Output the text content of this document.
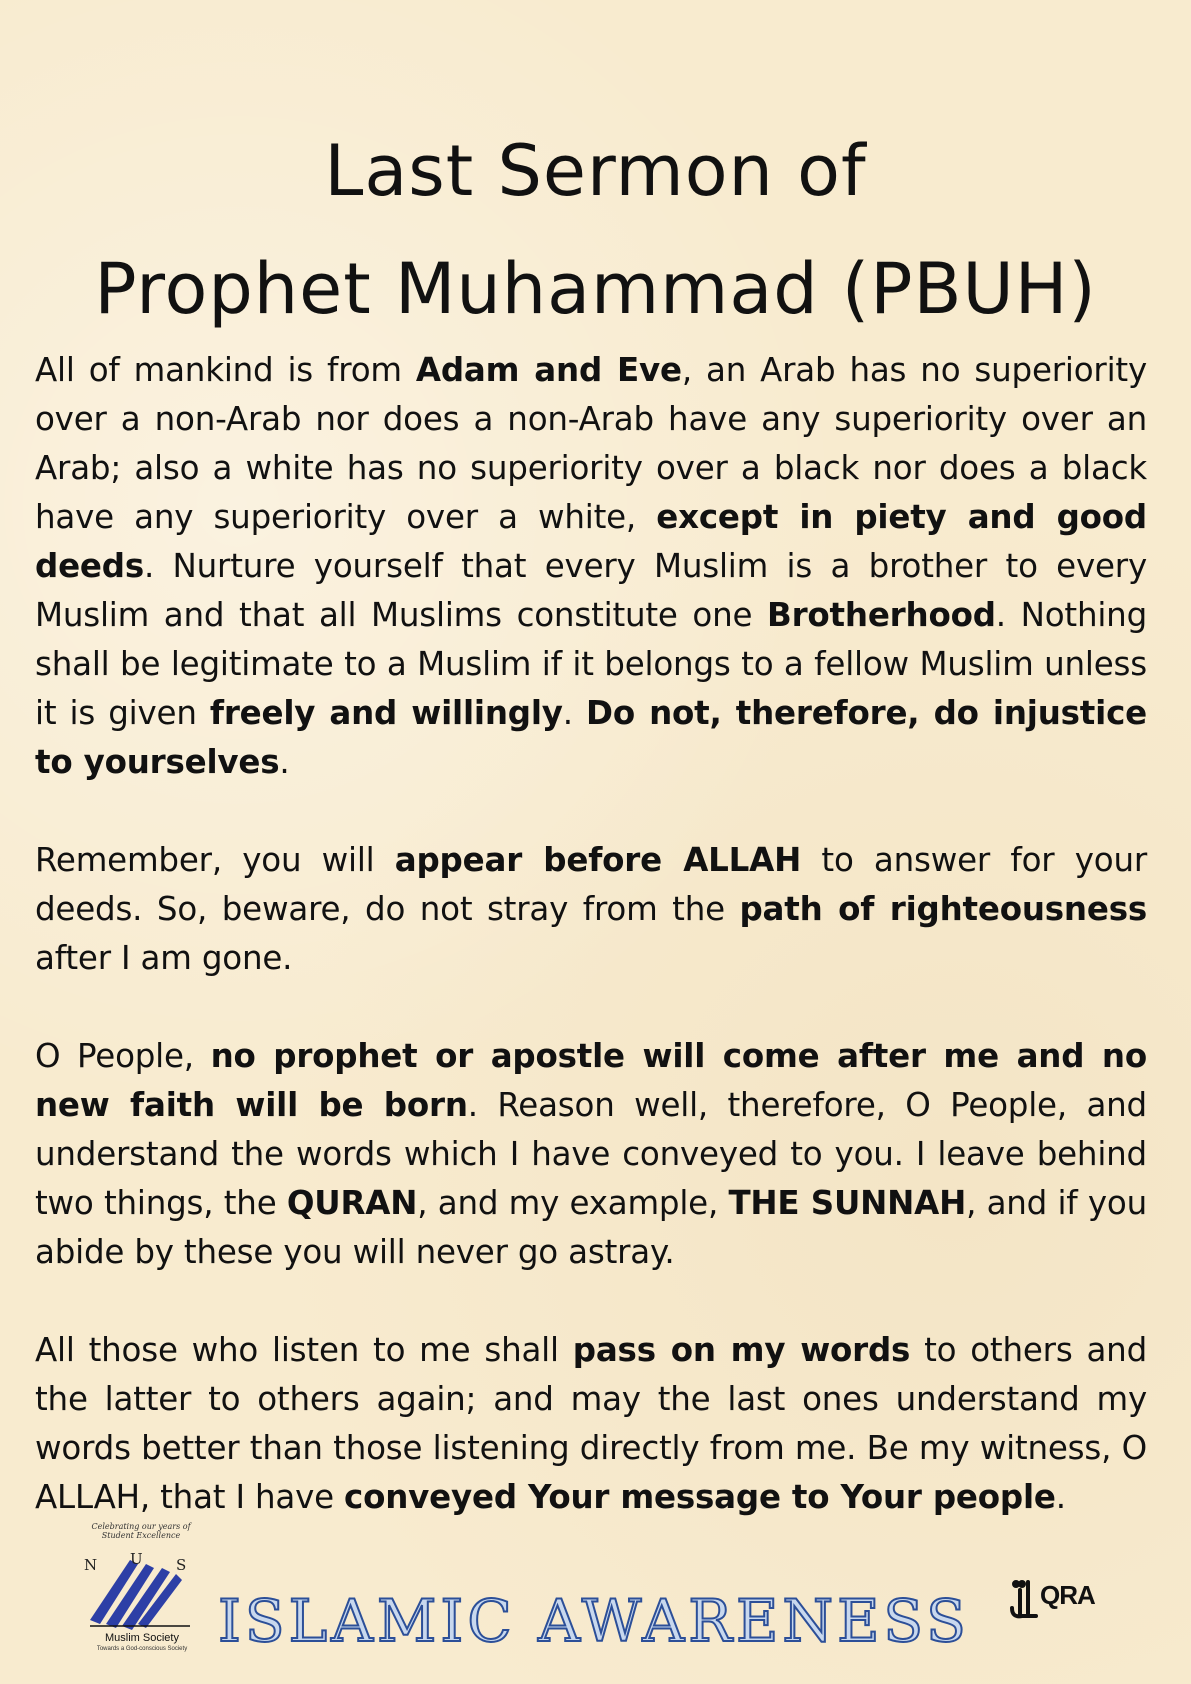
Last Sermon of
Prophet Muhammad (PBUH)

All of mankind is from Adam and Eve, an Arab has no superiority over a non-Arab nor does a non-Arab have any superiority over an Arab; also a white has no superiority over a black nor does a black have any superiority over a white, except in piety and good deeds. Nurture yourself that every Muslim is a brother to every Muslim and that all Muslims constitute one Brotherhood. Nothing shall be legitimate to a Muslim if it belongs to a fellow Muslim unless it is given freely and willingly. Do not, therefore, do injustice to yourselves.

Remember, you will appear before ALLAH to answer for your deeds. So, beware, do not stray from the path of righteousness after I am gone.

O People, no prophet or apostle will come after me and no new faith will be born. Reason well, therefore, O People, and understand the words which I have conveyed to you. I leave behind two things, the QURAN, and my example, THE SUNNAH, and if you abide by these you will never go astray.

All those who listen to me shall pass on my words to others and the latter to others again; and may the last ones understand my words better than those listening directly from me. Be my witness, O ALLAH, that I have conveyed Your message to Your people.

Celebrating our years of Student Excellence
N U S
Muslim Society
Towards a God-conscious Society ISLAMIC AWARENESS	QRA
